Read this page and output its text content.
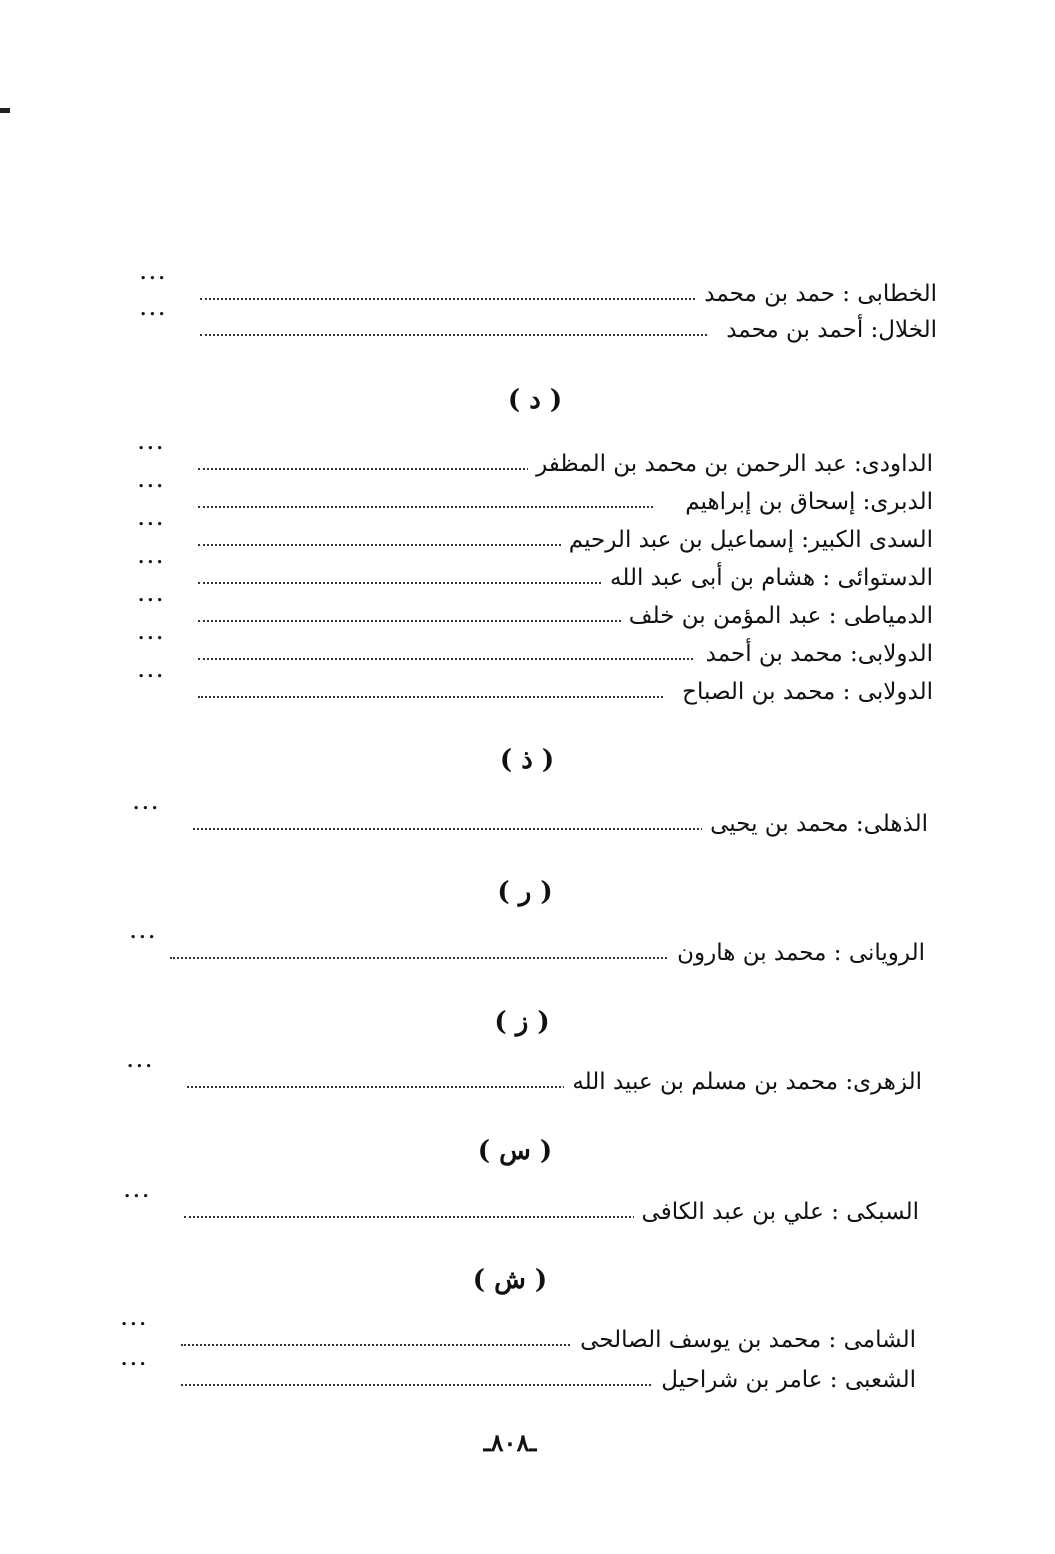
...
الخطابى : حمد بن محمد
...
الخلال: أحمد بن محمد
( د )
...
الداودى: عبد الرحمن بن محمد بن المظفر
...
الدبرى: إسحاق بن إبراهيم
...
السدى الكبير: إسماعيل بن عبد الرحيم
...
الدستوائى : هشام بن أبى عبد الله
...
الدمياطى : عبد المؤمن بن خلف
...
الدولابى: محمد بن أحمد
...
الدولابى : محمد بن الصباح
( ذ )
...
الذهلى: محمد بن يحيى
( ر )
...
الرويانى : محمد بن هارون
( ز )
...
الزهرى: محمد بن مسلم بن عبيد الله
( س )
...
السبكى : علي بن عبد الكافى
( ش )
...
الشامى : محمد بن يوسف الصالحى
...
الشعبى : عامر بن شراحيل
ـ٨٠٨ـ
